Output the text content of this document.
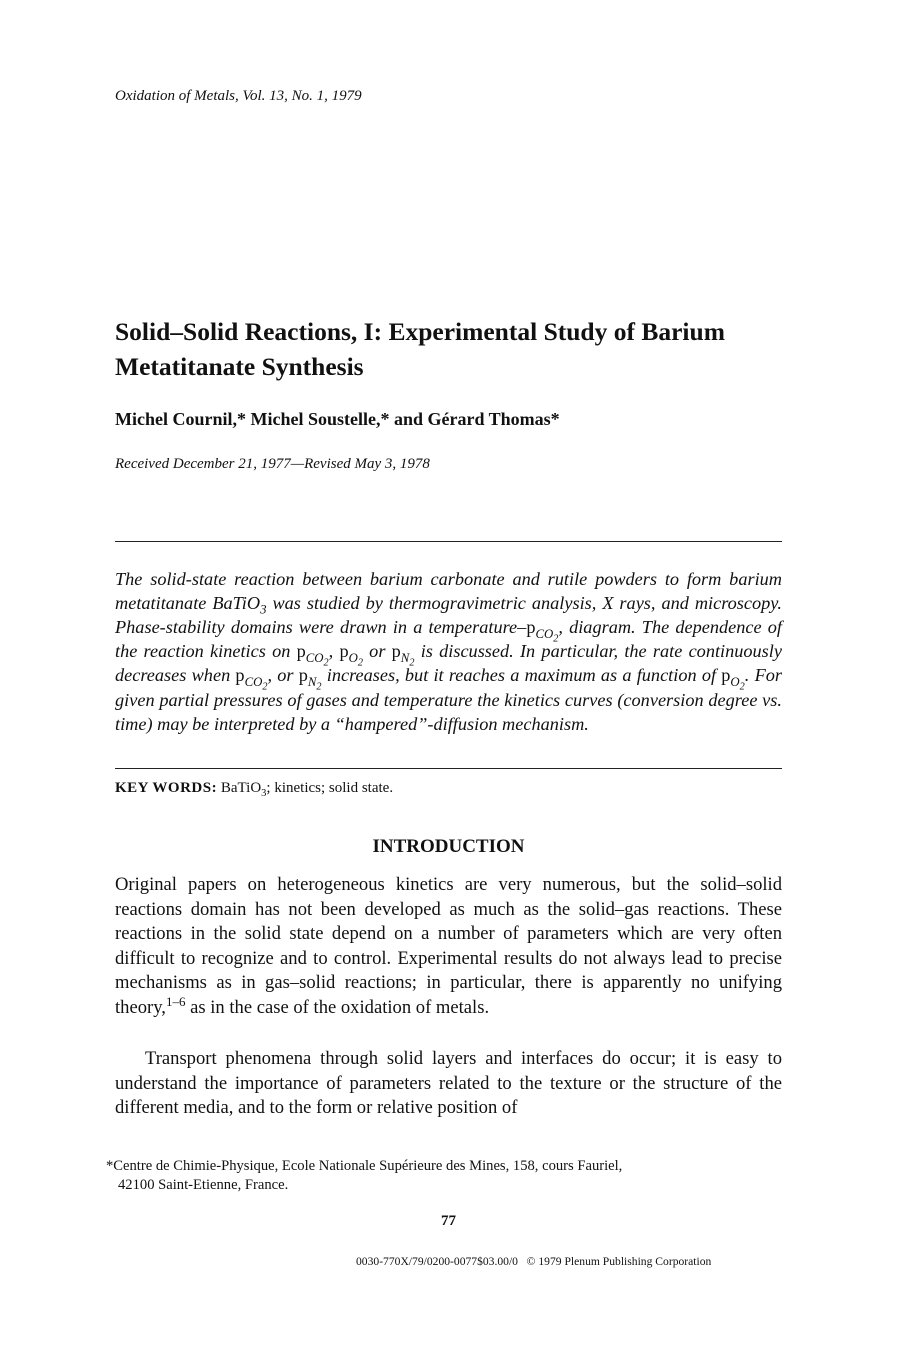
Oxidation of Metals, Vol. 13, No. 1, 1979
Solid–Solid Reactions, I: Experimental Study of Barium Metatitanate Synthesis
Michel Cournil,* Michel Soustelle,* and Gérard Thomas*
Received December 21, 1977—Revised May 3, 1978

The solid-state reaction between barium carbonate and rutile powders to form barium metatitanate BaTiO$_3$ was studied by thermogravimetric analysis, X rays, and microscopy. Phase-stability domains were drawn in a temperature–$p_{CO_2}$, diagram. The dependence of the reaction kinetics on $p_{CO_2}$, $p_{O_2}$ or $p_{N_2}$ is discussed. In particular, the rate continuously decreases when $p_{CO_2}$, or $p_{N_2}$ increases, but it reaches a maximum as a function of $p_{O_2}$. For given partial pressures of gases and temperature the kinetics curves (conversion degree vs. time) may be interpreted by a “hampered”-diffusion mechanism.

KEY WORDS: BaTiO$_3$; kinetics; solid state.
INTRODUCTION

Original papers on heterogeneous kinetics are very numerous, but the solid–solid reactions domain has not been developed as much as the solid–gas reactions. These reactions in the solid state depend on a number of parameters which are very often difficult to recognize and to control. Experimental results do not always lead to precise mechanisms as in gas–solid reactions; in particular, there is apparently no unifying theory,$^{1-6}$ as in the case of the oxidation of metals.

Transport phenomena through solid layers and interfaces do occur; it is easy to understand the importance of parameters related to the texture or the structure of the different media, and to the form or relative position of

*Centre de Chimie-Physique, Ecole Nationale Supérieure des Mines, 158, cours Fauriel,
42100 Saint-Etienne, France.
77
0030-770X/79/0200-0077$03.00/0   © 1979 Plenum Publishing Corporation
